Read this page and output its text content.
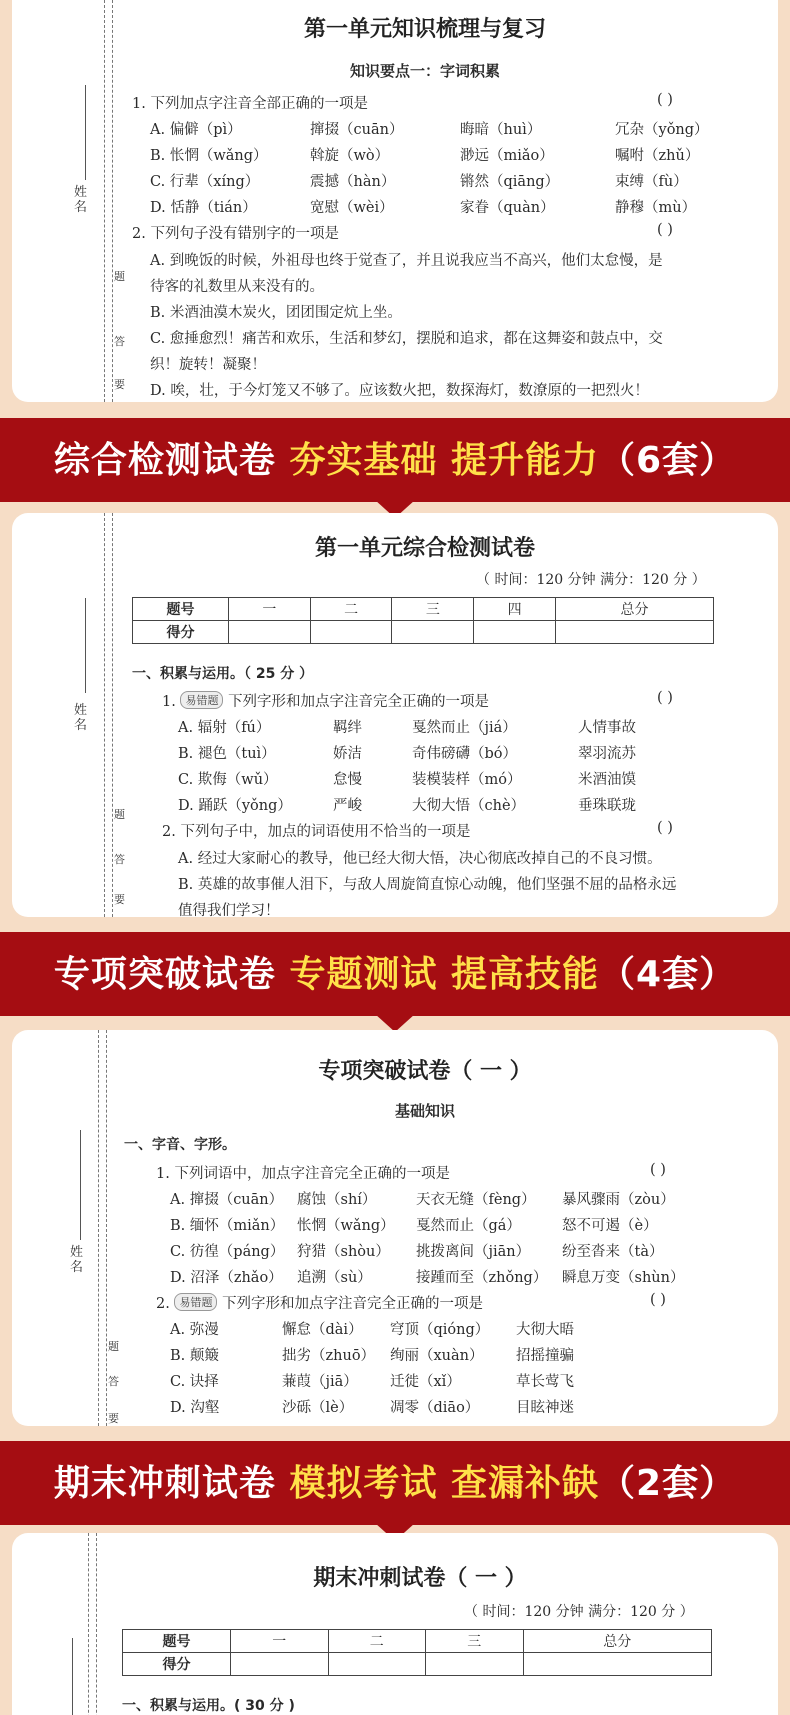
姓名
题
答
要
第一单元知识梳理与复习
知识要点一：字词积累
1. 下列加点字注音全部正确的一项是	( )
A. 偏僻（pì）	撺掇（cuān）	晦暗（huì）	冗杂（yǒng）
B. 怅惘（wǎng）	斡旋（wò）	渺远（miǎo）	嘱咐（zhǔ）
C. 行辈（xíng）	震撼（hàn）	锵然（qiāng）	束缚（fù）
D. 恬静（tián）	宽慰（wèi）	家眷（quàn）	静穆（mù）
2. 下列句子没有错别字的一项是	( )
A. 到晚饭的时候，外祖母也终于觉查了，并且说我应当不高兴，他们太怠慢，是
待客的礼数里从来没有的。
B. 米酒油漠木炭火，团团围定炕上坐。
C. 愈捶愈烈！痛苦和欢乐，生活和梦幻，摆脱和追求，都在这舞姿和鼓点中，交
织！旋转！凝聚！
D. 唉，壮，于今灯笼又不够了。应该数火把，数探海灯，数潦原的一把烈火！
综合检测试卷 夯实基础 提升能力（6套）
姓名
题
答
要
第一单元综合检测试卷
（ 时间：120 分钟 满分：120 分 ）
题号	一	二	三	四	总分
得分					
一、积累与运用。（ 25 分 ）
1. 易错题 下列字形和加点字注音完全正确的一项是	( )
A. 辐射（fú）	羁绊	戛然而止（jiá）	人情事故
B. 褪色（tuì）	娇洁	奇伟磅礴（bó）	翠羽流苏
C. 欺侮（wǔ）	怠慢	装模装样（mó）	米酒油馍
D. 踊跃（yǒng）	严峻	大彻大悟（chè）	垂珠联珑
2. 下列句子中，加点的词语使用不恰当的一项是	( )
A. 经过大家耐心的教导，他已经大彻大悟，决心彻底改掉自己的不良习惯。
B. 英雄的故事催人泪下，与敌人周旋简直惊心动魄，他们坚强不屈的品格永远
值得我们学习！
专项突破试卷 专题测试 提高技能（4套）
姓名
题
答
要
专项突破试卷（ 一 ）
基础知识
一、字音、字形。
1. 下列词语中，加点字注音完全正确的一项是	( )
A. 撺掇（cuān） 腐蚀（shí）	天衣无缝（fèng） 暴风骤雨（zòu）
B. 缅怀（miǎn） 怅惘（wǎng） 戛然而止（gá）	怒不可遏（è）
C. 彷徨（páng） 狩猎（shòu） 挑拨离间（jiān） 纷至沓来（tà）
D. 沼泽（zhǎo） 追溯（sù）	接踵而至（zhǒng） 瞬息万变（shùn）
2. 易错题 下列字形和加点字注音完全正确的一项是	( )
A. 弥漫	懈怠（dài） 穹顶（qióng） 大彻大晤
B. 颠簸	拙劣（zhuō） 绚丽（xuàn） 招摇撞骗
C. 诀择	蒹葭（jiā） 迁徙（xǐ）	草长莺飞
D. 沟壑	沙砾（lè）	凋零（diāo）	目眩神迷
期末冲刺试卷 模拟考试 查漏补缺（2套）
期末冲刺试卷（ 一 ）
（ 时间：120 分钟 满分：120 分 ）
题号	一	二	三	总分
得分				
一、积累与运用。( 30 分 )
